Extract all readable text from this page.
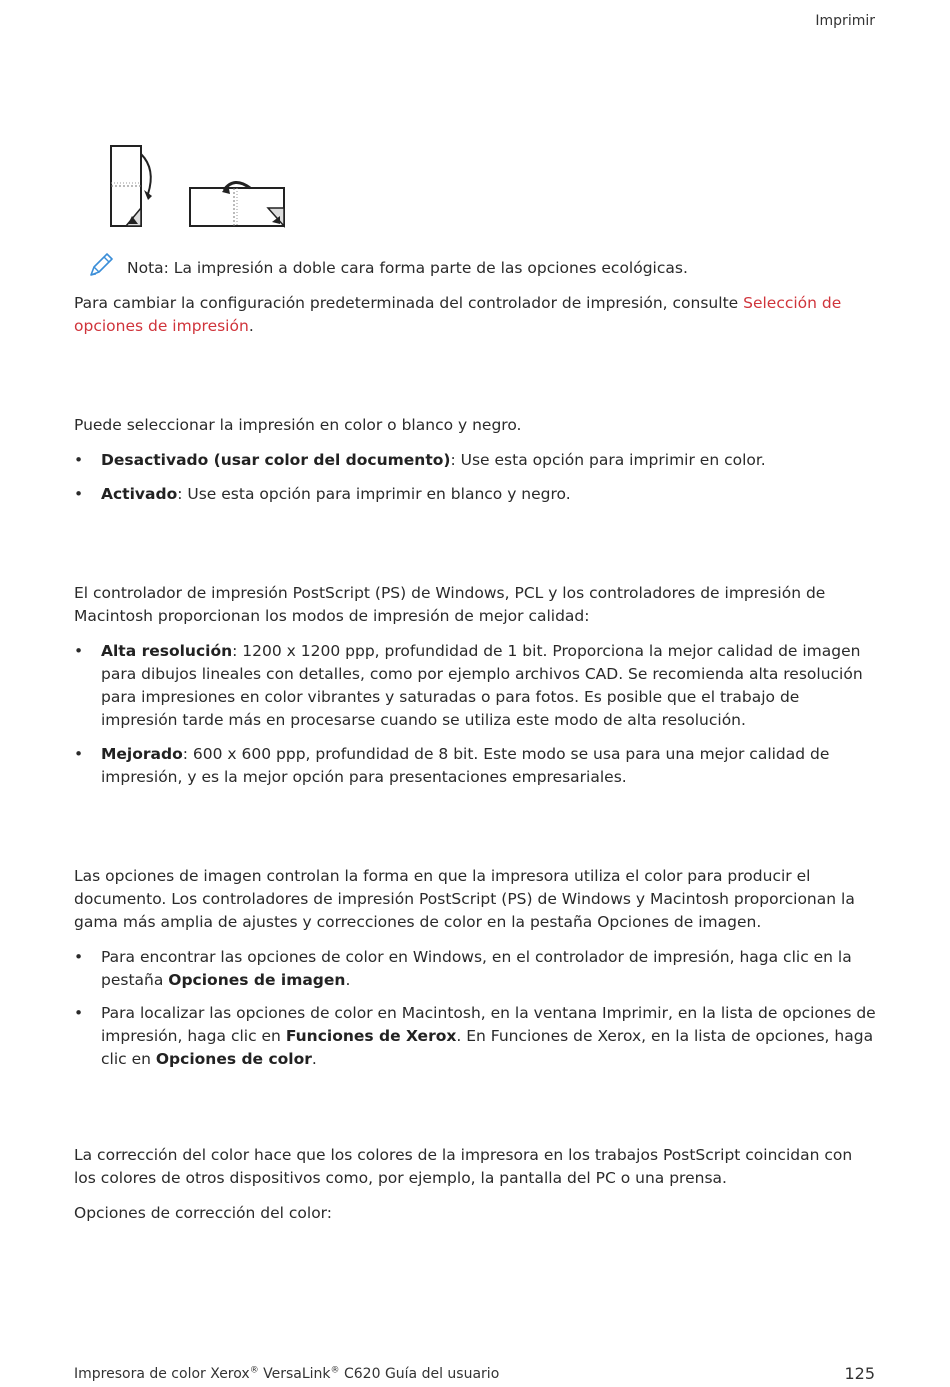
Imprimir
Nota: La impresión a doble cara forma parte de las opciones ecológicas.

Para cambiar la configuración predeterminada del controlador de impresión, consulte Selección de opciones de impresión.

Puede seleccionar la impresión en color o blanco y negro.

•	Desactivado (usar color del documento): Use esta opción para imprimir en color.
•	Activado: Use esta opción para imprimir en blanco y negro.

El controlador de impresión PostScript (PS) de Windows, PCL y los controladores de impresión de Macintosh proporcionan los modos de impresión de mejor calidad:

•	Alta resolución: 1200 x 1200 ppp, profundidad de 1 bit. Proporciona la mejor calidad de imagen para dibujos lineales con detalles, como por ejemplo archivos CAD. Se recomienda alta resolución para impresiones en color vibrantes y saturadas o para fotos. Es posible que el trabajo de impresión tarde más en procesarse cuando se utiliza este modo de alta resolución.
•	Mejorado: 600 x 600 ppp, profundidad de 8 bit. Este modo se usa para una mejor calidad de impresión, y es la mejor opción para presentaciones empresariales.

Las opciones de imagen controlan la forma en que la impresora utiliza el color para producir el documento. Los controladores de impresión PostScript (PS) de Windows y Macintosh proporcionan la gama más amplia de ajustes y correcciones de color en la pestaña Opciones de imagen.

•	Para encontrar las opciones de color en Windows, en el controlador de impresión, haga clic en la pestaña Opciones de imagen.
•	Para localizar las opciones de color en Macintosh, en la ventana Imprimir, en la lista de opciones de impresión, haga clic en Funciones de Xerox. En Funciones de Xerox, en la lista de opciones, haga clic en Opciones de color.

La corrección del color hace que los colores de la impresora en los trabajos PostScript coincidan con los colores de otros dispositivos como, por ejemplo, la pantalla del PC o una prensa.

Opciones de corrección del color:

Impresora de color Xerox® VersaLink® C620 Guía del usuario	125
